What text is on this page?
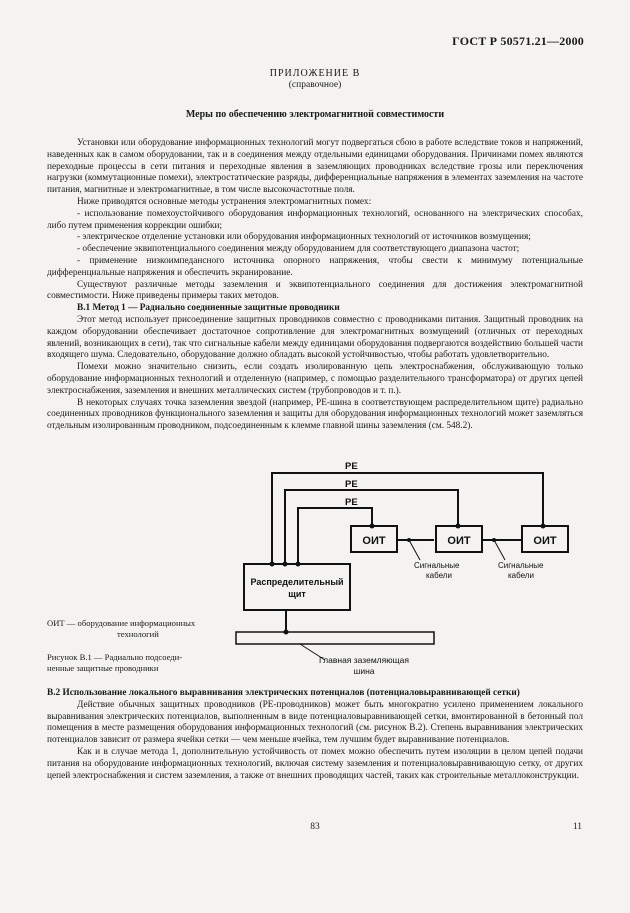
ГОСТ Р 50571.21—2000
ПРИЛОЖЕНИЕ В
(справочное)
Меры по обеспечению электромагнитной совместимости

Установки или оборудование информационных технологий могут подвергаться сбою в работе вследствие токов и напряжений, наведенных как в самом оборудовании, так и в соединения между отдельными единицами оборудования. Причинами помех являются переходные процессы в сети питания и переходные явления в заземляющих проводниках вследствие грозы или переключения нагрузки (коммутационные помехи), электростатические разряды, дифференциальные напряжения в элементах заземления на частоте питания, магнитные и электромагнитные, в том числе высокочастотные поля.

Ниже приводятся основные методы устранения электромагнитных помех:

- использование помехоустойчивого оборудования информационных технологий, основанного на электрических способах, либо путем применения коррекции ошибки;

- электрическое отделение установки или оборудования информационных технологий от источников возмущения;

- обеспечение эквипотенциального соединения между оборудованием для соответствующего диапазона частот;

- применение низкоимпедансного источника опорного напряжения, чтобы свести к минимуму потенциальные дифференциальные напряжения и обеспечить экранирование.

Существуют различные методы заземления и эквипотенциального соединения для достижения электромагнитной совместимости. Ниже приведены примеры таких методов.

В.1 Метод 1 — Радиально соединенные защитные проводники

Этот метод использует присоединение защитных проводников совместно с проводниками питания. Защитный проводник на каждом оборудовании обеспечивает достаточное сопротивление для электромагнитных возмущений (отличных от переходных явлений, возникающих в сети), так что сигнальные кабели между единицами оборудования подвергаются воздействию большей части входящего шума. Следовательно, оборудование должно обладать высокой устойчивостью, чтобы работать удовлетворительно.

Помехи можно значительно снизить, если создать изолированную цепь электроснабжения, обслуживающую только оборудование информационных технологий и отделенную (например, с помощью разделительного трансформатора) от других цепей электроснабжения, заземления и внешних металлических систем (трубопроводов и т. п.).

В некоторых случаях точка заземления звездой (например, PE-шина в соответствующем распределительном щите) радиально соединенных проводников функционального заземления и защиты для оборудования информационных технологий может заземляться отдельным изолированным проводником, подсоединенным к клемме главной шины заземления (см. 548.2).

PE
PE
PE
ОИТ	ОИТ	ОИТ
Сигнальные
кабели
Сигнальные
кабели
Распределительный
щит
Главная заземляющая
шина
ОИТ — оборудование информационных
технологий
Рисунок В.1 — Радиально подсоеди-
ненные защитные проводники

В.2 Использование локального выравнивания электрических потенциалов (потенциаловыравнивающей сетки)

Действие обычных защитных проводников (PE-проводников) может быть многократно усилено применением локального выравнивания электрических потенциалов, выполненным в виде потенциаловыравнивающей сетки, вмонтированной в бетонный пол помещения в месте размещения оборудования информационных технологий (см. рисунок В.2). Степень выравнивания электрических потенциалов зависит от размера ячейки сетки — чем меньше ячейка, тем лучшим будет выравнивание потенциалов.

Как и в случае метода 1, дополнительную устойчивость от помех можно обеспечить путем изоляции в целом цепей подачи питания на оборудование информационных технологий, включая систему заземления и потенциаловыравнивающую сетку, от других цепей электроснабжения и систем заземления, а также от внешних проводящих частей, таких как строительные металлоконструкции.

83	11
